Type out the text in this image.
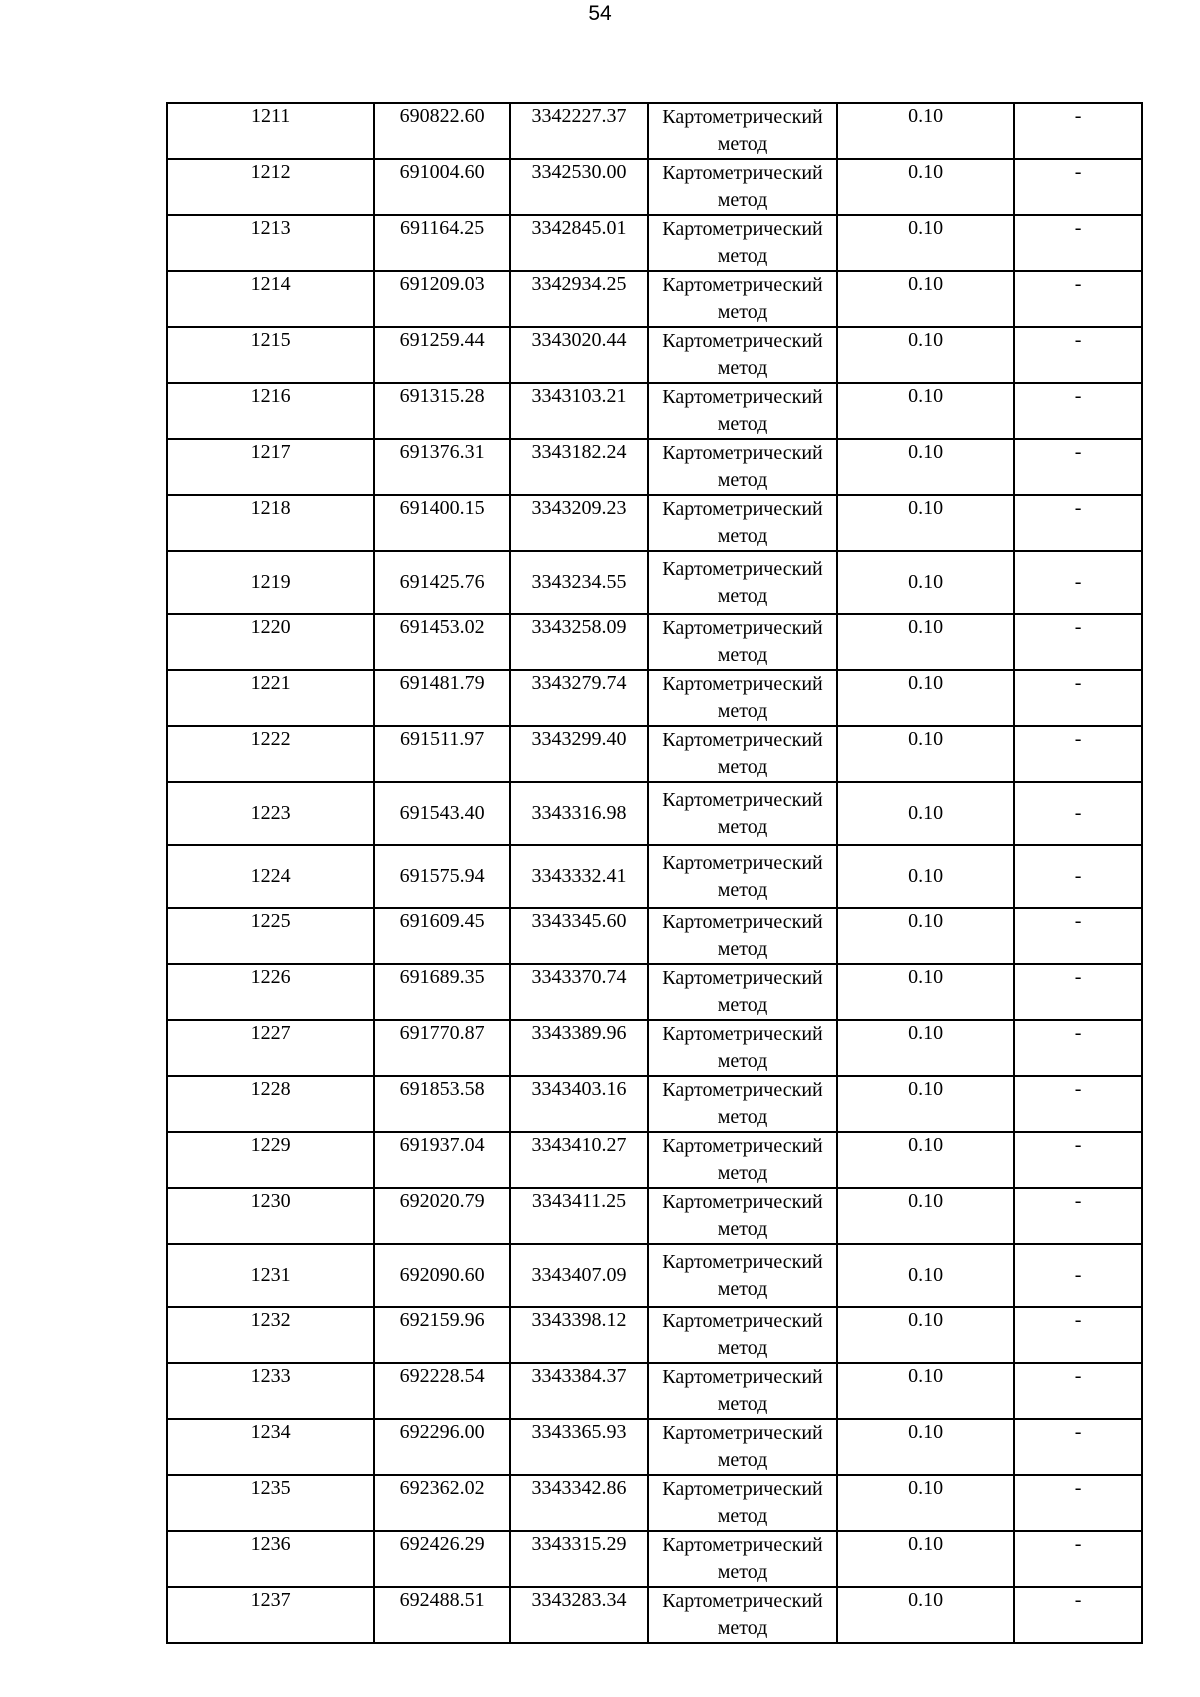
54
1211	690822.60	3342227.37	Картометрический метод	0.10	-
1212	691004.60	3342530.00	Картометрический метод	0.10	-
1213	691164.25	3342845.01	Картометрический метод	0.10	-
1214	691209.03	3342934.25	Картометрический метод	0.10	-
1215	691259.44	3343020.44	Картометрический метод	0.10	-
1216	691315.28	3343103.21	Картометрический метод	0.10	-
1217	691376.31	3343182.24	Картометрический метод	0.10	-
1218	691400.15	3343209.23	Картометрический метод	0.10	-
1219	691425.76	3343234.55	Картометрический метод	0.10	-
1220	691453.02	3343258.09	Картометрический метод	0.10	-
1221	691481.79	3343279.74	Картометрический метод	0.10	-
1222	691511.97	3343299.40	Картометрический метод	0.10	-
1223	691543.40	3343316.98	Картометрический метод	0.10	-
1224	691575.94	3343332.41	Картометрический метод	0.10	-
1225	691609.45	3343345.60	Картометрический метод	0.10	-
1226	691689.35	3343370.74	Картометрический метод	0.10	-
1227	691770.87	3343389.96	Картометрический метод	0.10	-
1228	691853.58	3343403.16	Картометрический метод	0.10	-
1229	691937.04	3343410.27	Картометрический метод	0.10	-
1230	692020.79	3343411.25	Картометрический метод	0.10	-
1231	692090.60	3343407.09	Картометрический метод	0.10	-
1232	692159.96	3343398.12	Картометрический метод	0.10	-
1233	692228.54	3343384.37	Картометрический метод	0.10	-
1234	692296.00	3343365.93	Картометрический метод	0.10	-
1235	692362.02	3343342.86	Картометрический метод	0.10	-
1236	692426.29	3343315.29	Картометрический метод	0.10	-
1237	692488.51	3343283.34	Картометрический метод	0.10	-
